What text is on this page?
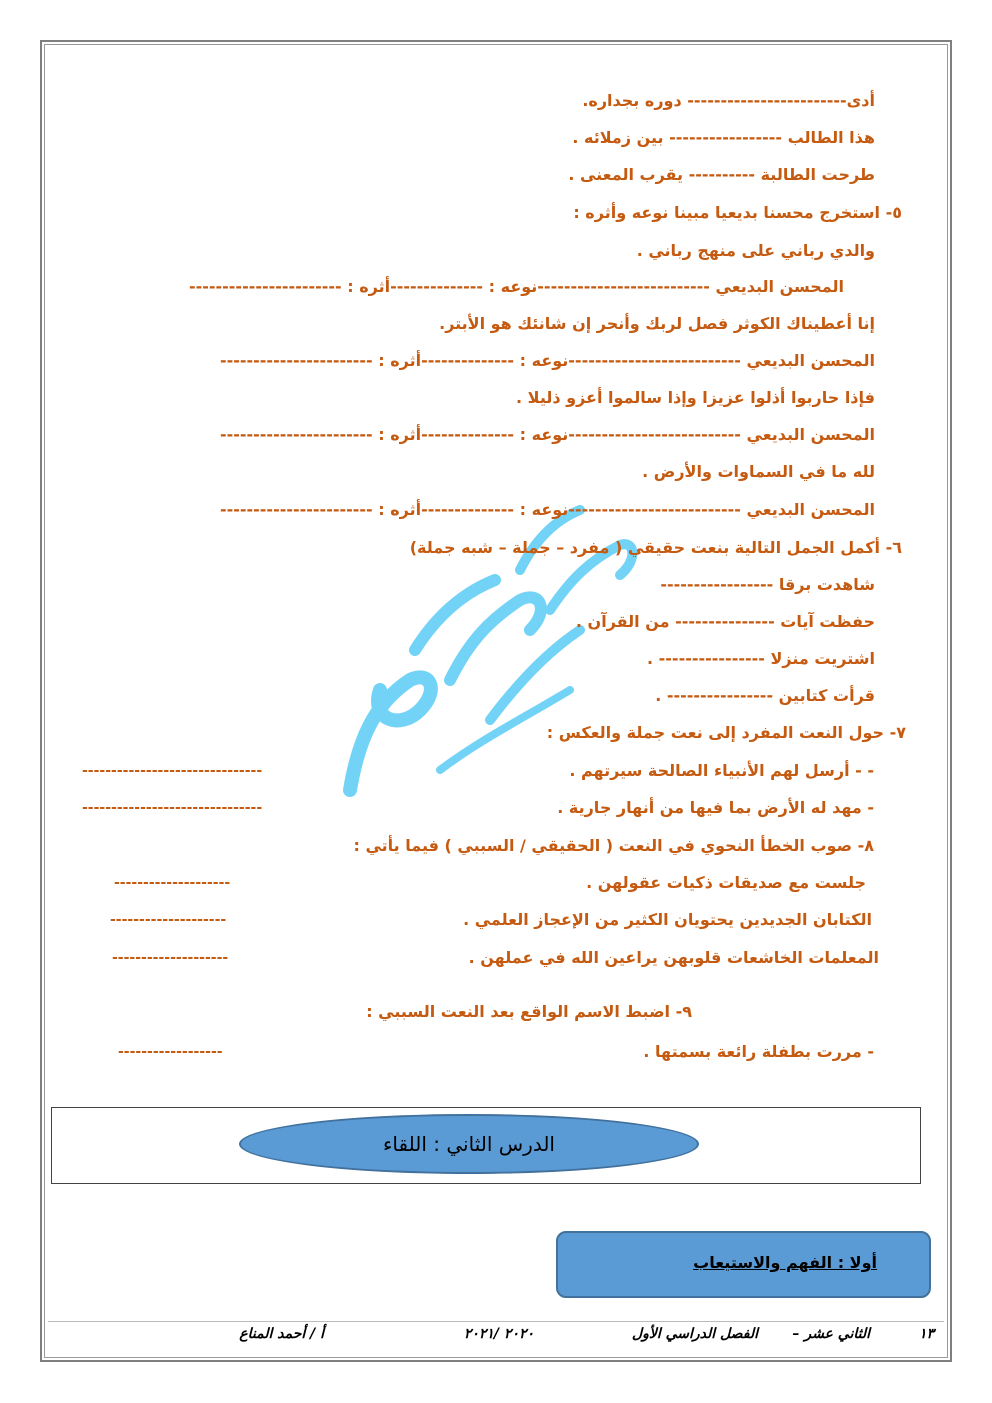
أدى------------------------ دوره بجداره.
هذا الطالب ----------------- بين زملائه .
طرحت الطالبة ---------- يقرب المعنى .
٥- استخرج محسنا بديعيا مبينا نوعه وأثره :
والدي رباني على منهج رباني .
المحسن البديعي --------------------------نوعه : --------------أثره : -----------------------
إنا أعطيناك الكوثر فصل لربك وأنحر إن شانئك هو الأبتر.
المحسن البديعي --------------------------نوعه : --------------أثره : -----------------------
فإذا حاربوا أذلوا عزيزا وإذا سالموا أعزو ذليلا .
المحسن البديعي --------------------------نوعه : --------------أثره : -----------------------
لله ما في السماوات والأرض .
المحسن البديعي --------------------------نوعه : --------------أثره : -----------------------
٦- أكمل الجمل التالية بنعت حقيقي ( مفرد – جملة – شبه جملة)
شاهدت برقا -----------------
حفظت آيات --------------- من القرآن .
اشتريت منزلا ---------------- .
قرأت كتابين ---------------- .
٧- حول النعت المفرد إلى نعت جملة والعكس :
- - أرسل لهم الأنبياء الصالحة سيرتهم .
- مهد له الأرض بما فيها من أنهار جارية .
٨- صوب الخطأ النحوي في النعت ( الحقيقي / السببي ) فيما يأتي :
جلست مع صديقات ذكيات عقولهن .
الكتابان الجديدين يحتويان الكثير من الإعجاز العلمي .
المعلمات الخاشعات قلوبهن يراعين الله في عملهن .
٩- اضبط الاسم الواقع بعد النعت السببي :
- مررت بطفلة رائعة بسمتها .
-------------------------------
-------------------------------
--------------------
--------------------
--------------------
------------------
الدرس الثاني : اللقاء
أولا : الفهم والاستيعاب
١٣
الثاني عشر –
الفصل الدراسي الأول
٢٠٢٠ /٢٠٢١
أ / أحمد المناع
